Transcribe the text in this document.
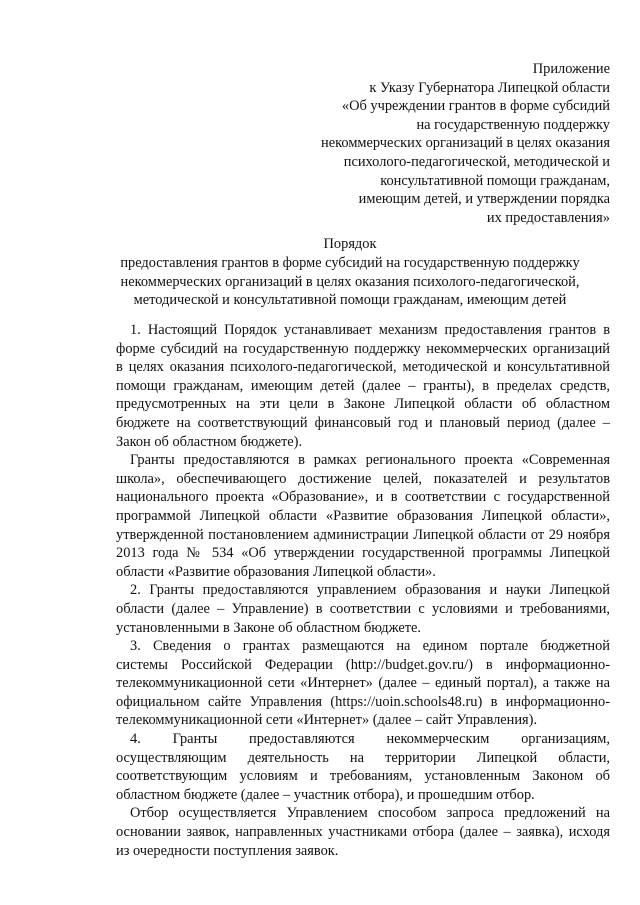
Приложение
к Указу Губернатора Липецкой области
«Об учреждении грантов в форме субсидий
на государственную поддержку
некоммерческих организаций в целях оказания
психолого-педагогической, методической и
консультативной помощи гражданам,
имеющим детей, и утверждении порядка
их предоставления»
Порядок
предоставления грантов в форме субсидий на государственную поддержку
некоммерческих организаций в целях оказания психолого-педагогической,
методической и консультативной помощи гражданам, имеющим детей

1. Настоящий Порядок устанавливает механизм предоставления грантов в
форме субсидий на государственную поддержку некоммерческих организаций
в целях оказания психолого-педагогической, методической и консультативной
помощи гражданам, имеющим детей (далее – гранты), в пределах средств,
предусмотренных на эти цели в Законе Липецкой области об областном
бюджете на соответствующий финансовый год и плановый период (далее –
Закон об областном бюджете).

Гранты предоставляются в рамках регионального проекта «Современная
школа», обеспечивающего достижение целей, показателей и результатов
национального проекта «Образование», и в соответствии с государственной
программой Липецкой области «Развитие образования Липецкой области»,
утвержденной постановлением администрации Липецкой области от 29 ноября
2013 года № 534 «Об утверждении государственной программы Липецкой
области «Развитие образования Липецкой области».

2. Гранты предоставляются управлением образования и науки Липецкой
области (далее – Управление) в соответствии с условиями и требованиями,
установленными в Законе об областном бюджете.

3. Сведения о грантах размещаются на едином портале бюджетной
системы Российской Федерации (http://budget.gov.ru/) в информационно-
телекоммуникационной сети «Интернет» (далее – единый портал), а также на
официальном сайте Управления (https://uoin.schools48.ru) в информационно-
телекоммуникационной сети «Интернет» (далее – сайт Управления).

4. Гранты предоставляются некоммерческим организациям,
осуществляющим деятельность на территории Липецкой области,
соответствующим условиям и требованиям, установленным Законом об
областном бюджете (далее – участник отбора), и прошедшим отбор.

Отбор осуществляется Управлением способом запроса предложений на
основании заявок, направленных участниками отбора (далее – заявка), исходя
из очередности поступления заявок.
